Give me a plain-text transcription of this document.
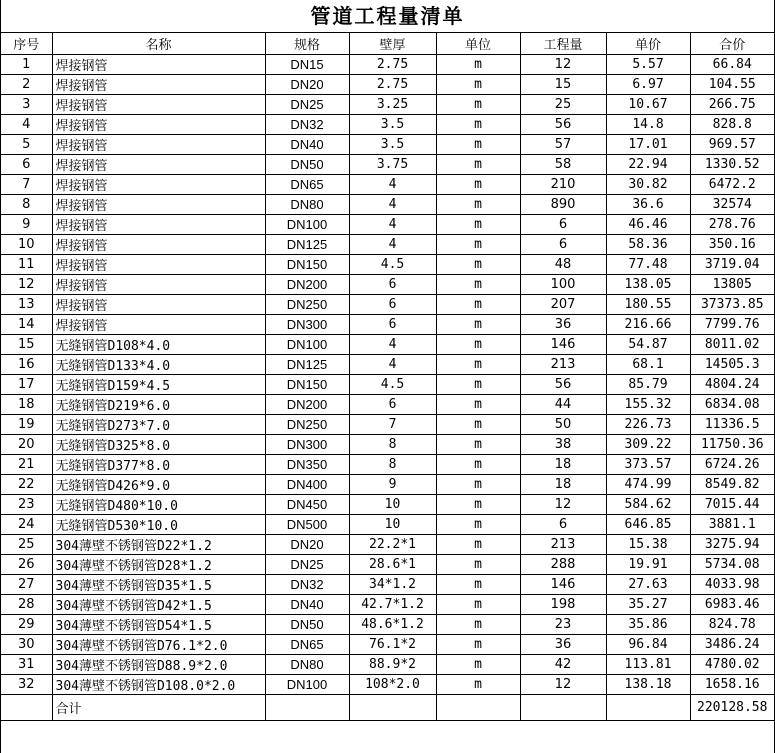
管道工程量清单
序号	名称	规格	壁厚	单位	工程量	单价	合价
1	焊接钢管	DN15	2.75	m	12	5.57	66.84
2	焊接钢管	DN20	2.75	m	15	6.97	104.55
3	焊接钢管	DN25	3.25	m	25	10.67	266.75
4	焊接钢管	DN32	3.5	m	56	14.8	828.8
5	焊接钢管	DN40	3.5	m	57	17.01	969.57
6	焊接钢管	DN50	3.75	m	58	22.94	1330.52
7	焊接钢管	DN65	4	m	210	30.82	6472.2
8	焊接钢管	DN80	4	m	890	36.6	32574
9	焊接钢管	DN100	4	m	6	46.46	278.76
10	焊接钢管	DN125	4	m	6	58.36	350.16
11	焊接钢管	DN150	4.5	m	48	77.48	3719.04
12	焊接钢管	DN200	6	m	100	138.05	13805
13	焊接钢管	DN250	6	m	207	180.55	37373.85
14	焊接钢管	DN300	6	m	36	216.66	7799.76
15	无缝钢管D108*4.0	DN100	4	m	146	54.87	8011.02
16	无缝钢管D133*4.0	DN125	4	m	213	68.1	14505.3
17	无缝钢管D159*4.5	DN150	4.5	m	56	85.79	4804.24
18	无缝钢管D219*6.0	DN200	6	m	44	155.32	6834.08
19	无缝钢管D273*7.0	DN250	7	m	50	226.73	11336.5
20	无缝钢管D325*8.0	DN300	8	m	38	309.22	11750.36
21	无缝钢管D377*8.0	DN350	8	m	18	373.57	6724.26
22	无缝钢管D426*9.0	DN400	9	m	18	474.99	8549.82
23	无缝钢管D480*10.0	DN450	10	m	12	584.62	7015.44
24	无缝钢管D530*10.0	DN500	10	m	6	646.85	3881.1
25	304薄壁不锈钢管D22*1.2	DN20	22.2*1	m	213	15.38	3275.94
26	304薄壁不锈钢管D28*1.2	DN25	28.6*1	m	288	19.91	5734.08
27	304薄壁不锈钢管D35*1.5	DN32	34*1.2	m	146	27.63	4033.98
28	304薄壁不锈钢管D42*1.5	DN40	42.7*1.2	m	198	35.27	6983.46
29	304薄壁不锈钢管D54*1.5	DN50	48.6*1.2	m	23	35.86	824.78
30	304薄壁不锈钢管D76.1*2.0	DN65	76.1*2	m	36	96.84	3486.24
31	304薄壁不锈钢管D88.9*2.0	DN80	88.9*2	m	42	113.81	4780.02
32	304薄壁不锈钢管D108.0*2.0	DN100	108*2.0	m	12	138.18	1658.16
	合计						220128.58
